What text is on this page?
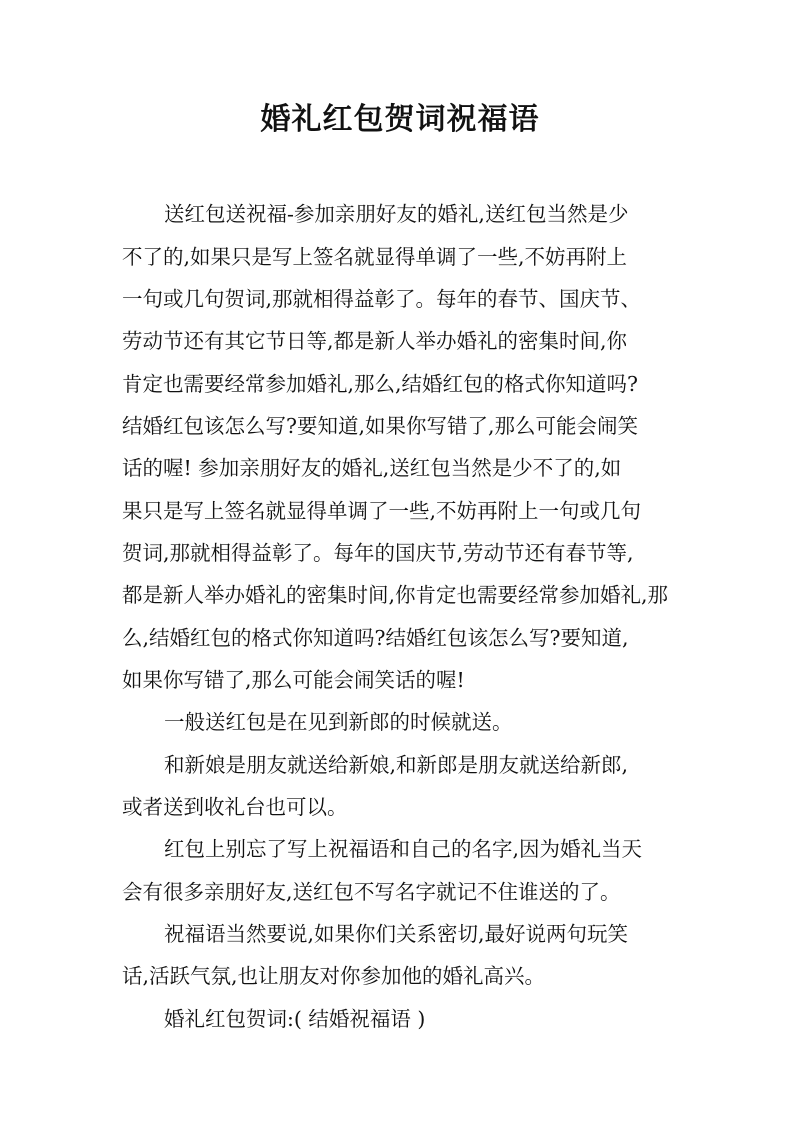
婚礼红包贺词祝福语
送红包送祝福-参加亲朋好友的婚礼,送红包当然是少
不了的,如果只是写上签名就显得单调了一些,不妨再附上
一句或几句贺词,那就相得益彰了。每年的春节、国庆节、
劳动节还有其它节日等,都是新人举办婚礼的密集时间,你
肯定也需要经常参加婚礼,那么,结婚红包的格式你知道吗?
结婚红包该怎么写?要知道,如果你写错了,那么可能会闹笑
话的喔! 参加亲朋好友的婚礼,送红包当然是少不了的,如
果只是写上签名就显得单调了一些,不妨再附上一句或几句
贺词,那就相得益彰了。每年的国庆节,劳动节还有春节等,
都是新人举办婚礼的密集时间,你肯定也需要经常参加婚礼,那
么,结婚红包的格式你知道吗?结婚红包该怎么写?要知道,
如果你写错了,那么可能会闹笑话的喔!
一般送红包是在见到新郎的时候就送。
和新娘是朋友就送给新娘,和新郎是朋友就送给新郎,
或者送到收礼台也可以。
红包上别忘了写上祝福语和自己的名字,因为婚礼当天
会有很多亲朋好友,送红包不写名字就记不住谁送的了。
祝福语当然要说,如果你们关系密切,最好说两句玩笑
话,活跃气氛,也让朋友对你参加他的婚礼高兴。
婚礼红包贺词:( 结婚祝福语 )
